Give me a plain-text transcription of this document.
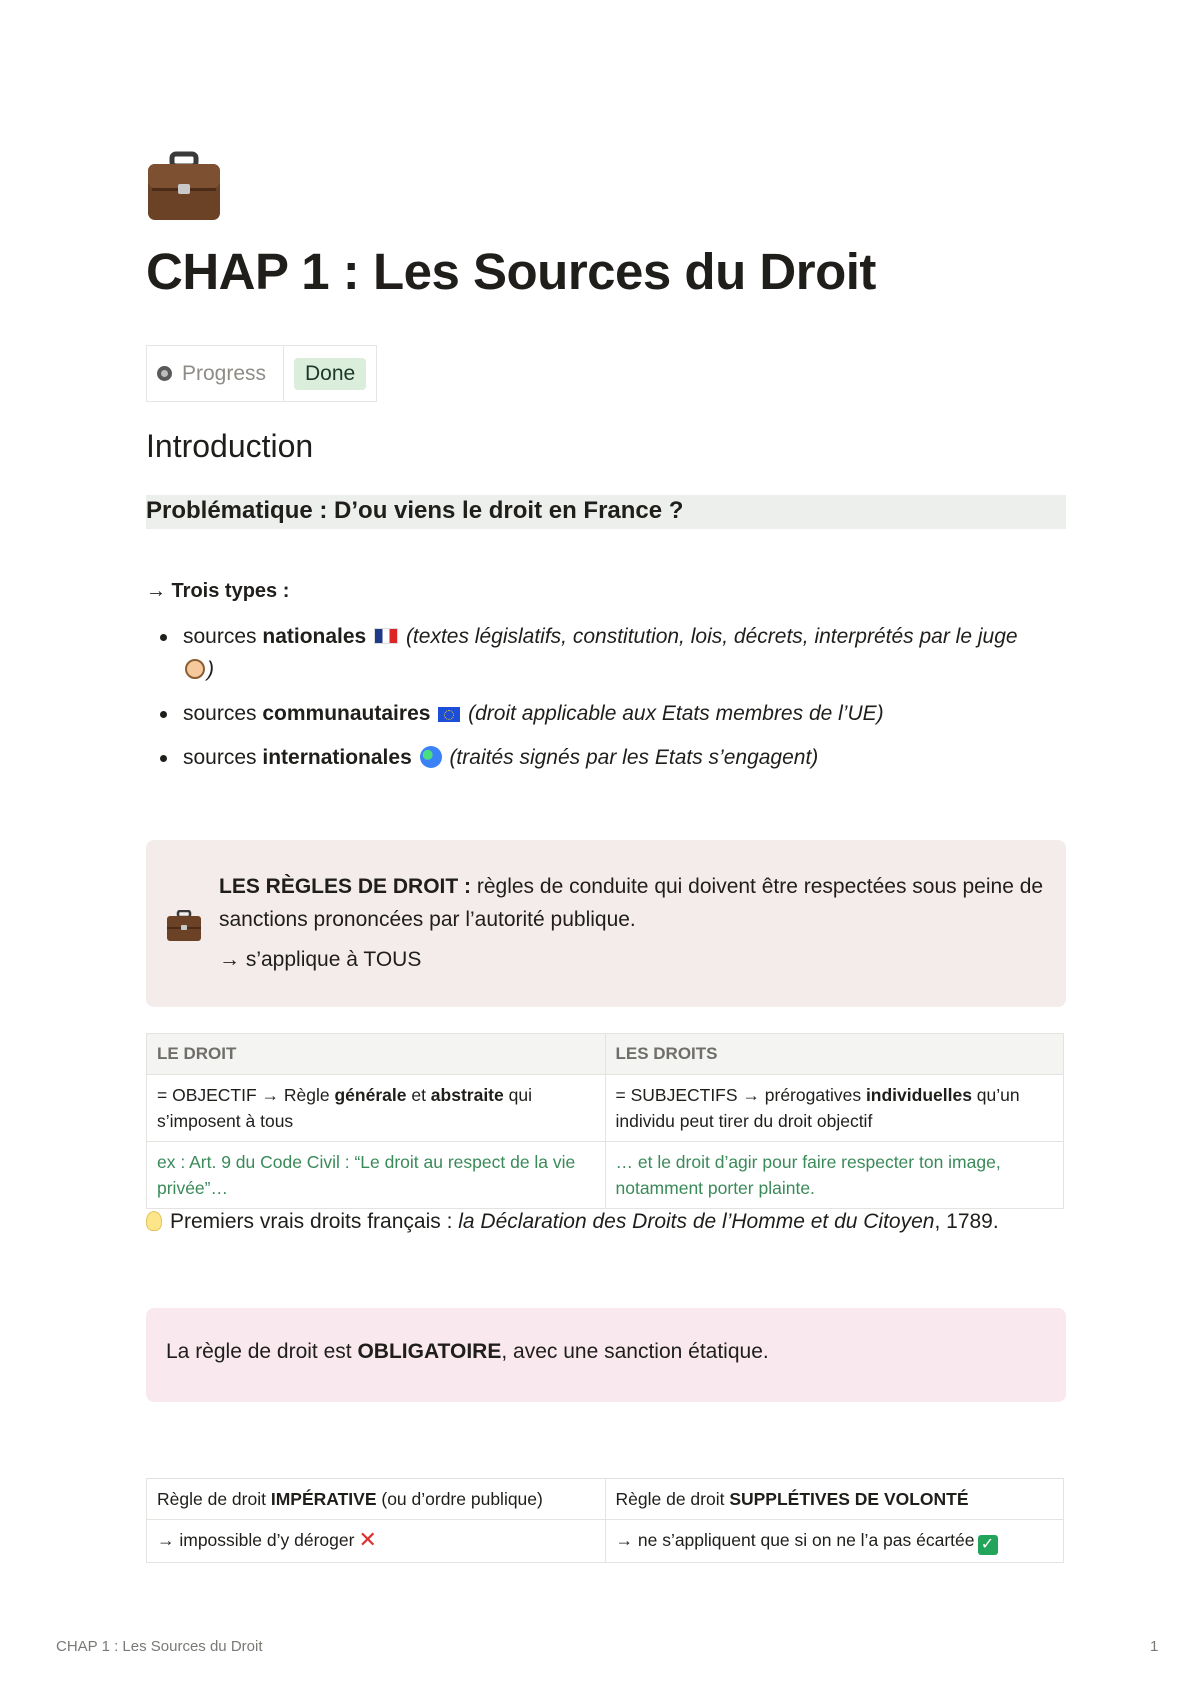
CHAP 1 : Les Sources du Droit
Progress	Done
Introduction
Problématique : D’ou viens le droit en France ?

→ Trois types :

sources nationales (textes législatifs, constitution, lois, décrets, interprétés par le juge
)
sources communautaires (droit applicable aux Etats membres de l’UE)
sources internationales (traités signés par les Etats s’engagent)
LES RÈGLES DE DROIT : règles de conduite qui doivent être respectées sous peine de sanctions prononcées par l’autorité publique.
→ s’applique à TOUS
LE DROIT	LES DROITS
= OBJECTIF → Règle générale et abstraite qui s’imposent à tous	= SUBJECTIFS → prérogatives individuelles qu’un individu peut tirer du droit objectif
ex : Art. 9 du Code Civil : “Le droit au respect de la vie privée”…	… et le droit d’agir pour faire respecter ton image, notamment porter plainte.
Premiers vrais droits français : la Déclaration des Droits de l’Homme et du Citoyen, 1789.
La règle de droit est OBLIGATOIRE, avec une sanction étatique.
Règle de droit IMPÉRATIVE (ou d’ordre publique)	Règle de droit SUPPLÉTIVES DE VOLONTÉ
→ impossible d’y déroger ✕	→ ne s’appliquent que si on ne l’a pas écartée ✓
CHAP 1 : Les Sources du Droit	1
